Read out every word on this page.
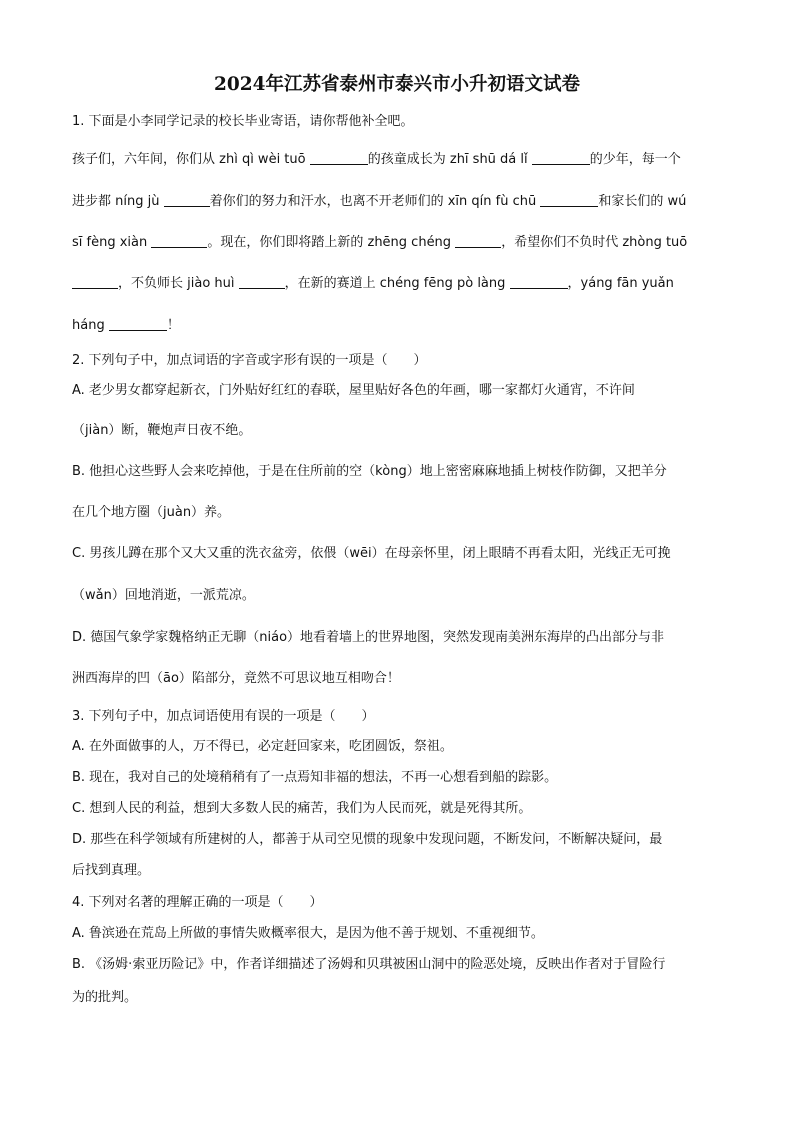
2024年江苏省泰州市泰兴市小升初语文试卷
1. 下面是小李同学记录的校长毕业寄语，请你帮他补全吧。
孩子们，六年间，你们从 zhì qì wèi tuō	的孩童成长为 zhī shū dá lǐ	的少年，每一个
进步都 níng jù	着你们的努力和汗水，也离不开老师们的 xīn qín fù chū	和家长们的 wú
sī fèng xiàn	。现在，你们即将踏上新的 zhēng chéng	，希望你们不负时代 zhòng tuō
，不负师长 jiào huì	，在新的赛道上 chéng fēng pò làng	，yáng fān yuǎn
háng	！
2. 下列句子中，加点词语的字音或字形有误的一项是（　　）
A. 老少男女都穿起新衣，门外贴好红红的春联，屋里贴好各色的年画，哪一家都灯火通宵，不许间
（jiàn）断，鞭炮声日夜不绝。
B. 他担心这些野人会来吃掉他，于是在住所前的空（kòng）地上密密麻麻地插上树枝作防御，又把羊分
在几个地方圈（juàn）养。
C. 男孩儿蹲在那个又大又重的洗衣盆旁，依偎（wēi）在母亲怀里，闭上眼睛不再看太阳，光线正无可挽
（wǎn）回地消逝，一派荒凉。
D. 德国气象学家魏格纳正无聊（niáo）地看着墙上的世界地图，突然发现南美洲东海岸的凸出部分与非
洲西海岸的凹（āo）陷部分，竟然不可思议地互相吻合！
3. 下列句子中，加点词语使用有误的一项是（　　）
A. 在外面做事的人，万不得已，必定赶回家来，吃团圆饭，祭祖。
B. 现在，我对自己的处境稍稍有了一点焉知非福的想法，不再一心想看到船的踪影。
C. 想到人民的利益，想到大多数人民的痛苦，我们为人民而死，就是死得其所。
D. 那些在科学领域有所建树的人，都善于从司空见惯的现象中发现问题，不断发问，不断解决疑问，最
后找到真理。
4. 下列对名著的理解正确的一项是（　　）
A. 鲁滨逊在荒岛上所做的事情失败概率很大，是因为他不善于规划、不重视细节。
B. 《汤姆·索亚历险记》中，作者详细描述了汤姆和贝琪被困山洞中的险恶处境，反映出作者对于冒险行
为的批判。
